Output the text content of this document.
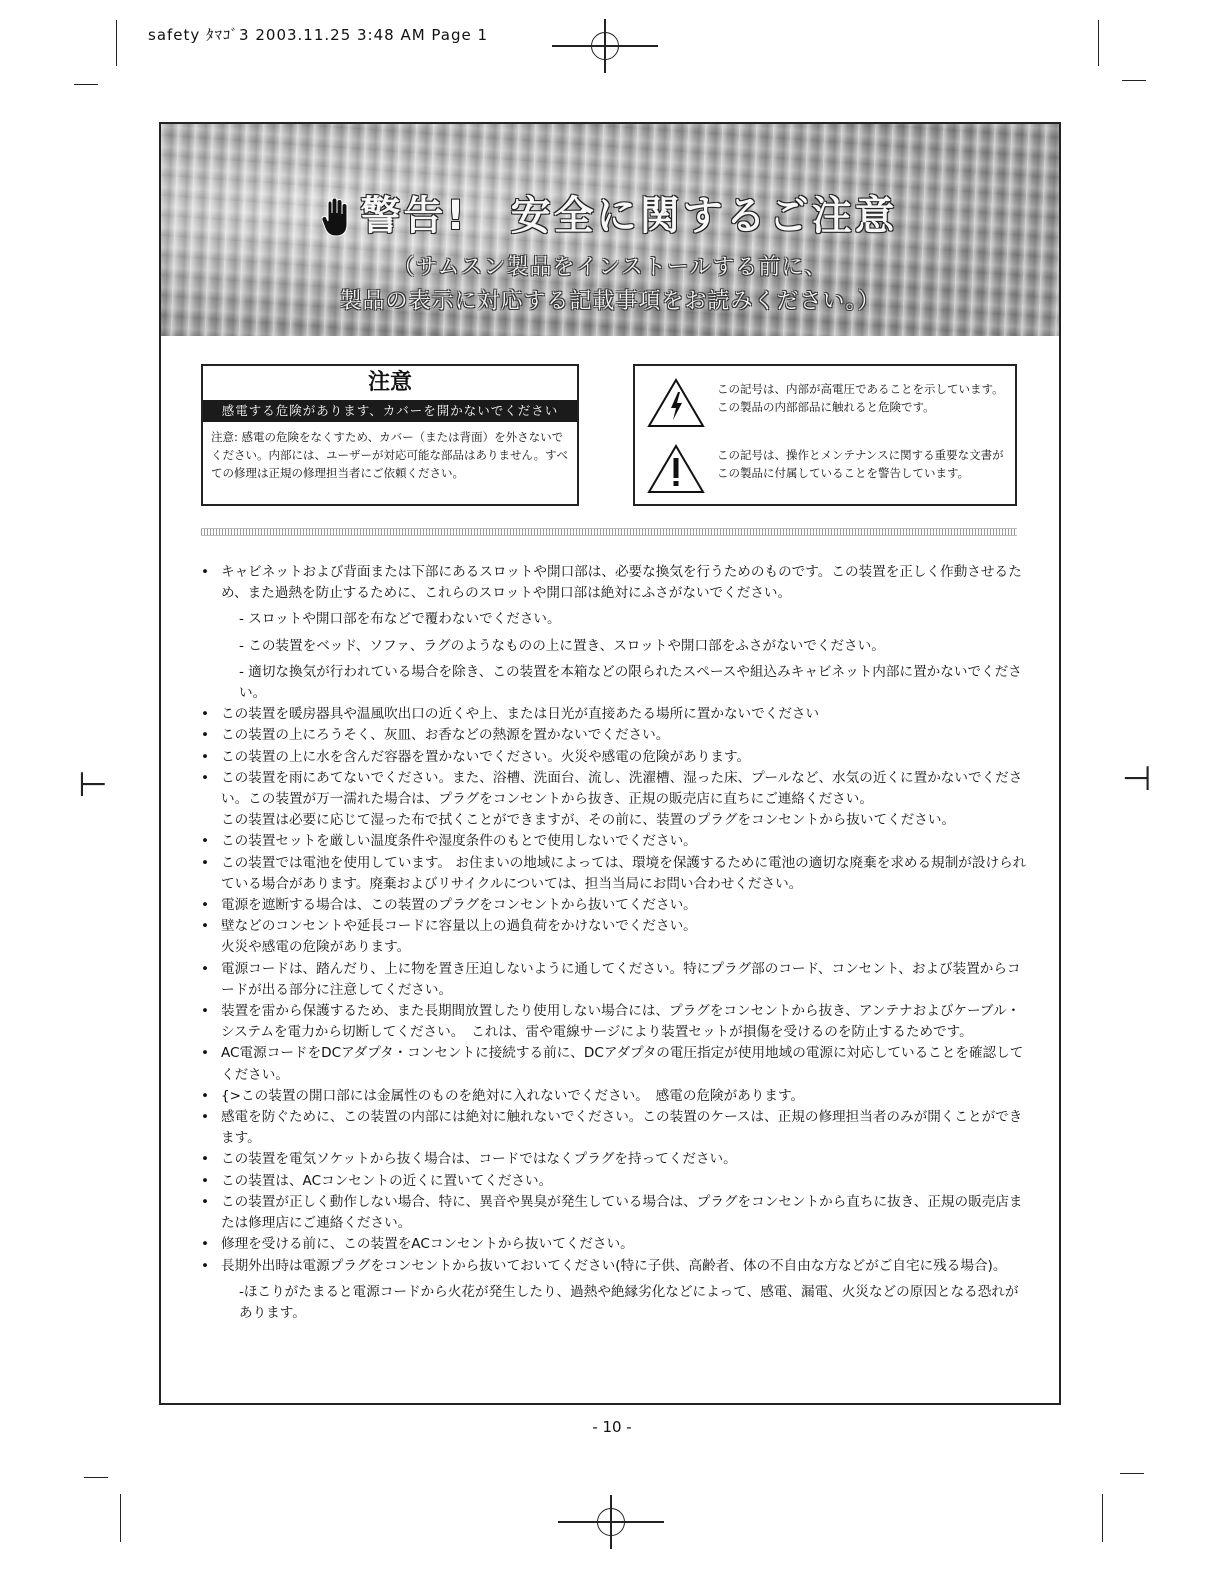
safety ﾀﾏｺﾞ3 2003.11.25 3:48 AM Page 1
⊢	⊣
警告!　安全に関するご注意
（サムスン製品をインストールする前に、
製品の表示に対応する記載事項をお読みください。）
注意
感電する危険があります、カバーを開かないでください
注意: 感電の危険をなくすため、カバー（または背面）を外さないでください。内部には、ユーザーが対応可能な部品はありません。すべての修理は正規の修理担当者にご依頼ください。
この記号は、内部が高電圧であることを示しています。この製品の内部部品に触れると危険です。
この記号は、操作とメンテナンスに関する重要な文書がこの製品に付属していることを警告しています。
• キャビネットおよび背面または下部にあるスロットや開口部は、必要な換気を行うためのものです。この装置を正しく作動させるため、また過熱を防止するために、これらのスロットや開口部は絶対にふさがないでください。
- スロットや開口部を布などで覆わないでください。
- この装置をベッド、ソファ、ラグのようなものの上に置き、スロットや開口部をふさがないでください。
- 適切な換気が行われている場合を除き、この装置を本箱などの限られたスペースや組込みキャビネット内部に置かないでください。
• この装置を暖房器具や温風吹出口の近くや上、または日光が直接あたる場所に置かないでください
• この装置の上にろうそく、灰皿、お香などの熱源を置かないでください。
• この装置の上に水を含んだ容器を置かないでください。火災や感電の危険があります。
• この装置を雨にあてないでください。また、浴槽、洗面台、流し、洗濯槽、湿った床、プールなど、水気の近くに置かないでください。この装置が万一濡れた場合は、プラグをコンセントから抜き、正規の販売店に直ちにご連絡ください。
この装置は必要に応じて湿った布で拭くことができますが、その前に、装置のプラグをコンセントから抜いてください。
• この装置セットを厳しい温度条件や湿度条件のもとで使用しないでください。
• この装置では電池を使用しています。 お住まいの地域によっては、環境を保護するために電池の適切な廃棄を求める規制が設けられている場合があります。廃棄およびリサイクルについては、担当当局にお問い合わせください。
• 電源を遮断する場合は、この装置のプラグをコンセントから抜いてください。
• 壁などのコンセントや延長コードに容量以上の過負荷をかけないでください。
火災や感電の危険があります。
• 電源コードは、踏んだり、上に物を置き圧迫しないように通してください。特にプラグ部のコード、コンセント、および装置からコードが出る部分に注意してください。
• 装置を雷から保護するため、また長期間放置したり使用しない場合には、プラグをコンセントから抜き、アンテナおよびケーブル・システムを電力から切断してください。　これは、雷や電線サージにより装置セットが損傷を受けるのを防止するためです。
• AC電源コードをDCアダプタ・コンセントに接続する前に、DCアダプタの電圧指定が使用地域の電源に対応していることを確認してください。
• {>この装置の開口部には金属性のものを絶対に入れないでください。　感電の危険があります。
• 感電を防ぐために、この装置の内部には絶対に触れないでください。この装置のケースは、正規の修理担当者のみが開くことができます。
• この装置を電気ソケットから抜く場合は、コードではなくプラグを持ってください。
• この装置は、ACコンセントの近くに置いてください。
• この装置が正しく動作しない場合、特に、異音や異臭が発生している場合は、プラグをコンセントから直ちに抜き、正規の販売店または修理店にご連絡ください。
• 修理を受ける前に、この装置をACコンセントから抜いてください。
• 長期外出時は電源プラグをコンセントから抜いておいてください(特に子供、高齢者、体の不自由な方などがご自宅に残る場合)。
-ほこりがたまると電源コードから火花が発生したり、過熱や絶縁劣化などによって、感電、漏電、火災などの原因となる恐れがあります。
- 10 -
